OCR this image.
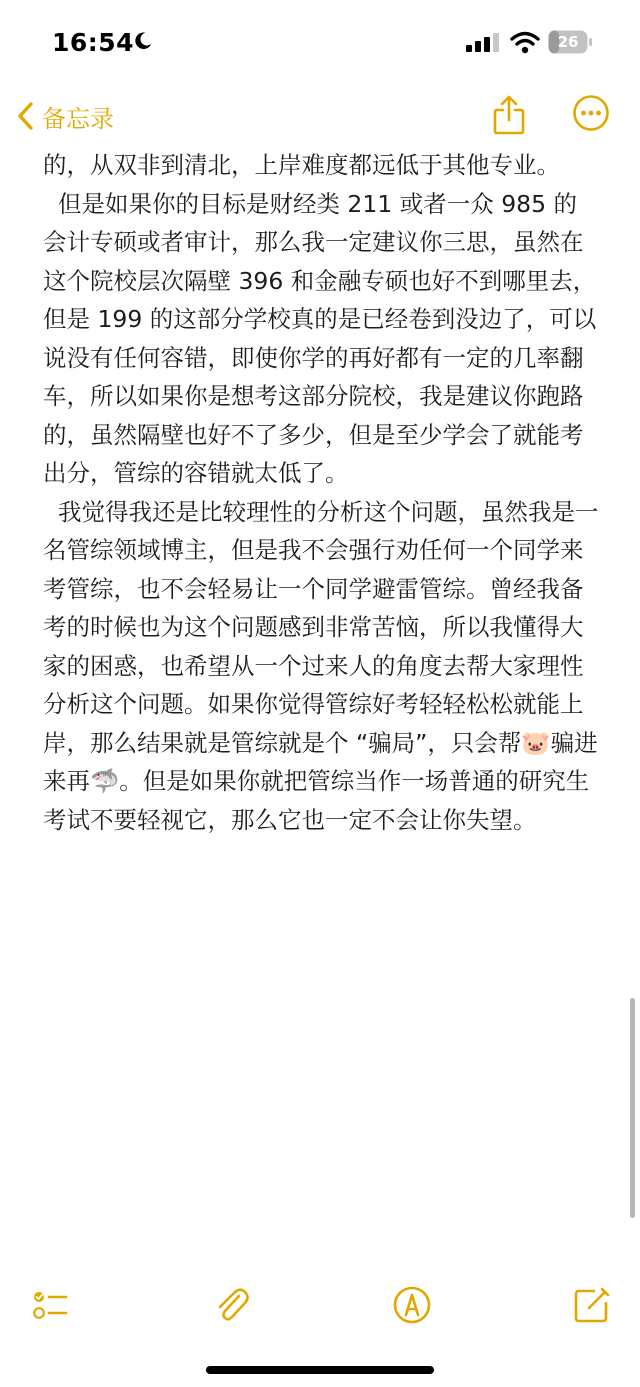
16:54	26
备忘录
的，从双非到清北，上岸难度都远低于其他专业。
但是如果你的目标是财经类 211 或者一众 985 的会计专硕或者审计，那么我一定建议你三思，虽然在这个院校层次隔壁 396 和金融专硕也好不到哪里去，但是 199 的这部分学校真的是已经卷到没边了，可以说没有任何容错，即使你学的再好都有一定的几率翻车，所以如果你是想考这部分院校，我是建议你跑路的，虽然隔壁也好不了多少，但是至少学会了就能考出分，管综的容错就太低了。
我觉得我还是比较理性的分析这个问题，虽然我是一名管综领域博主，但是我不会强行劝任何一个同学来考管综，也不会轻易让一个同学避雷管综。曾经我备考的时候也为这个问题感到非常苦恼，所以我懂得大家的困惑，也希望从一个过来人的角度去帮大家理性分析这个问题。如果你觉得管综好考轻轻松松就能上岸，那么结果就是管综就是个 “骗局”，只会帮🐷骗进来再🦈。但是如果你就把管综当作一场普通的研究生考试不要轻视它，那么它也一定不会让你失望。
